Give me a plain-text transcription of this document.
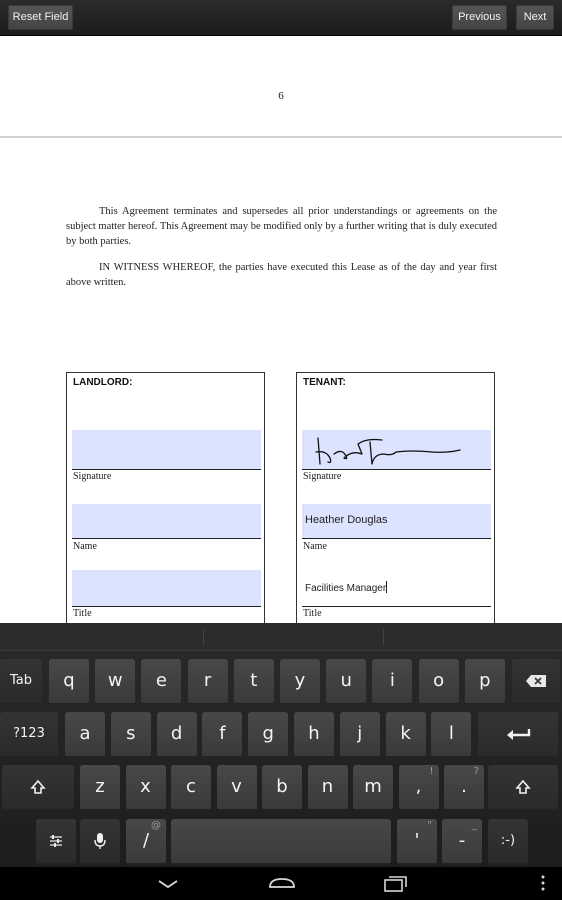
Reset Field	Previous	Next
6

This Agreement terminates and supersedes all prior understandings or agreements on the subject matter hereof. This Agreement may be modified only by a further writing that is duly executed by both parties.

IN WITNESS WHEREOF, the parties have executed this Lease as of the day and year first above written.

LANDLORD:
Signature
Name
Title
TENANT:
Signature
Heather Douglas
Name
Facilities Manager
Title
Tab	q	w	e	r	t	y	u	i	o	p
?123	a	s	d	f	g	h	j	k	l
z	x	c	v	b	n	m	,
!
.
?
/
@
'
"
-
_
:-)
